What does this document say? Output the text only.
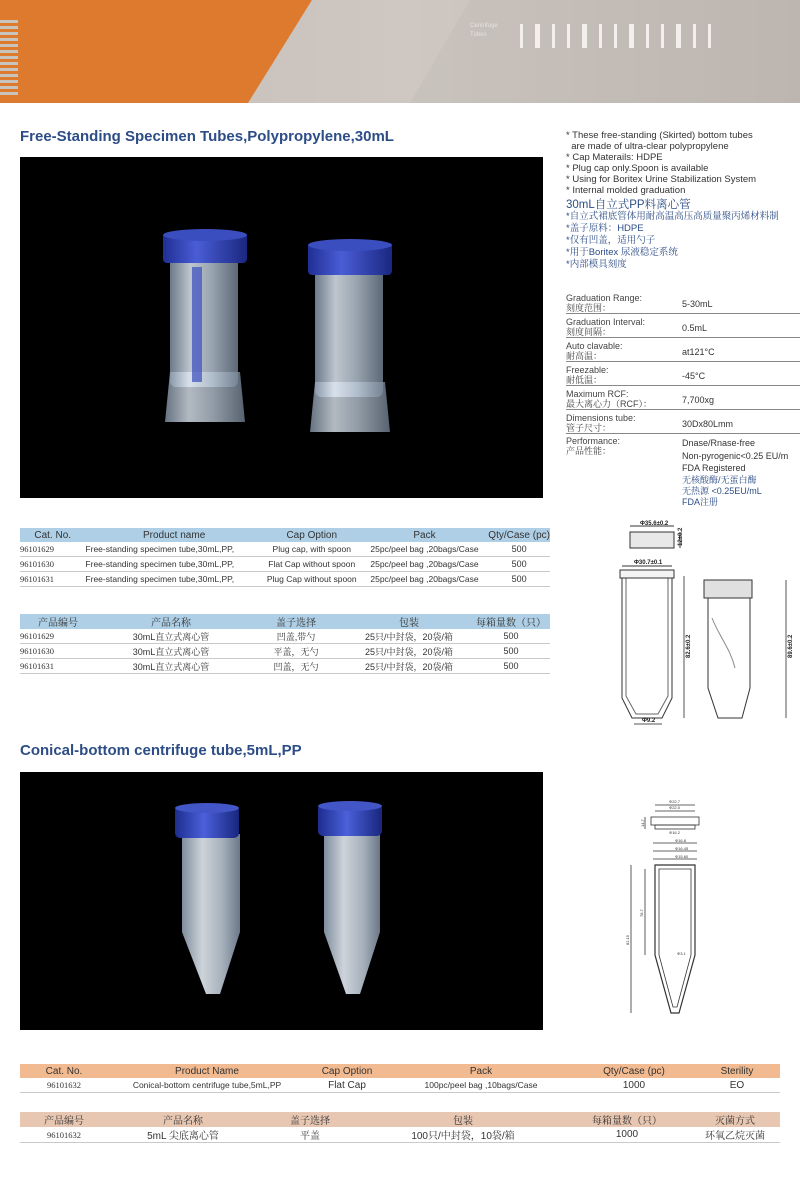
Centrifuge
Tubes
Free-Standing Specimen Tubes,Polypropylene,30mL	* These free-standing (Skirted) bottom tubes
are made of ultra-clear polypropylene
* Cap Materails: HDPE
* Plug cap only.Spoon is available
* Using for Boritex Urine Stabilization System
* Internal molded graduation
30mL自立式PP料离心管
*自立式裙底管体用耐高温高压高质量聚丙烯材料制
*盖子原料：HDPE
*仅有凹盖，适用勺子
*用于Boritex 尿液稳定系统
*内部模具刻度
Graduation Range:
刻度范围：	5-30mL
Graduation Interval:
刻度间隔：	0.5mL
Auto clavable:
耐高温：	at121°C
Freezable:
耐低温：	-45°C
Maximum RCF:
最大离心力（RCF）：	7,700xg
Dimensions tube:
管子尺寸：	30Dx80Lmm
Performance:
产品性能：
Dnase/Rnase-free
Non-pyrogenic<0.25 EU/m
FDA Registered
无核酸酶/无蛋白酶
无热源 <0.25EU/mL
FDA注册
Cat. No.	Product name	Cap Option	Pack	Qty/Case (pc)
96101629	Free-standing specimen tube,30mL,PP,	Plug cap, with spoon	25pc/peel bag ,20bags/Case	500
96101630	Free-standing specimen tube,30mL,PP,	Flat Cap without spoon	25pc/peel bag ,20bags/Case	500
96101631	Free-standing specimen tube,30mL,PP,	Plug Cap without spoon	25pc/peel bag ,20bags/Case	500
产品编号	产品名称	盖子选择	包装	每箱量数（只）
96101629	30mL直立式离心管	凹盖,带勺	25只/中封袋，20袋/箱	500
96101630	30mL直立式离心管	平盖，无勺	25只/中封袋，20袋/箱	500
96101631	30mL直立式离心管	凹盖，无勺	25只/中封袋，20袋/箱	500
Φ35.6±0.2
12±0.2
Φ30.7±0.1
82.6±0.2	89.6±0.2
Φ9.2
Conical-bottom centrifuge tube,5mL,PP
Φ22.7
Φ22.0
Φ16.2
Φ16.8
Φ16.45
Φ15.60
14.7
78.7
82.15
Φ3.1
Cat. No.	Product Name	Cap Option	Pack	Qty/Case (pc)	Sterility
96101632	Conical-bottom centrifuge tube,5mL,PP	Flat Cap	100pc/peel bag ,10bags/Case	1000	EO
产品编号	产品名称	盖子选择	包装	每箱量数（只）	灭菌方式
96101632	5mL 尖底离心管	平盖	100只/中封袋，10袋/箱	1000	环氧乙烷灭菌
